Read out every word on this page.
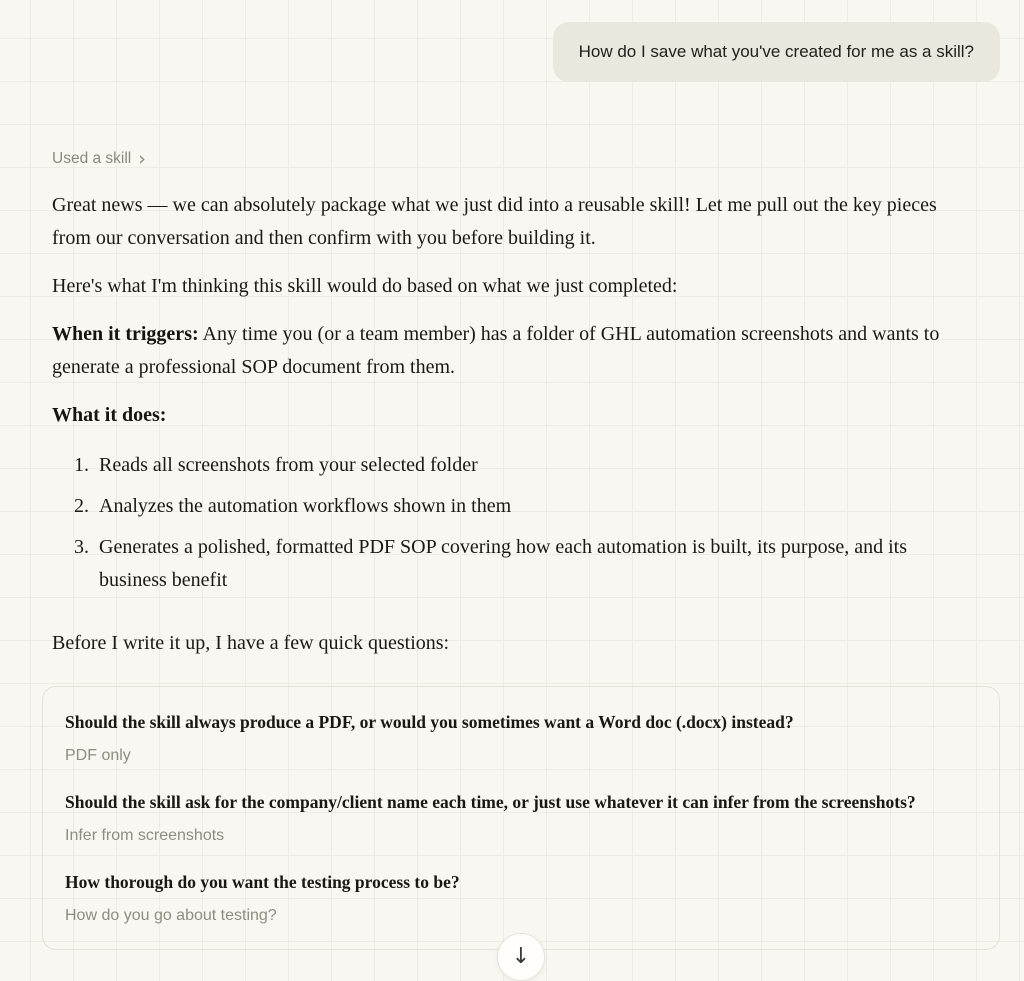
How do I save what you've created for me as a skill?
Used a skill ›

Great news — we can absolutely package what we just did into a reusable skill! Let me pull out the key pieces from our conversation and then confirm with you before building it.

Here's what I'm thinking this skill would do based on what we just completed:

When it triggers: Any time you (or a team member) has a folder of GHL automation screenshots and wants to generate a professional SOP document from them.

What it does:

1. Reads all screenshots from your selected folder
2. Analyzes the automation workflows shown in them
3. Generates a polished, formatted PDF SOP covering how each automation is built, its purpose, and its business benefit

Before I write it up, I have a few quick questions:

Should the skill always produce a PDF, or would you sometimes want a Word doc (.docx) instead?
PDF only
Should the skill ask for the company/client name each time, or just use whatever it can infer from the screenshots?
Infer from screenshots
How thorough do you want the testing process to be?
How do you go about testing?
↓
